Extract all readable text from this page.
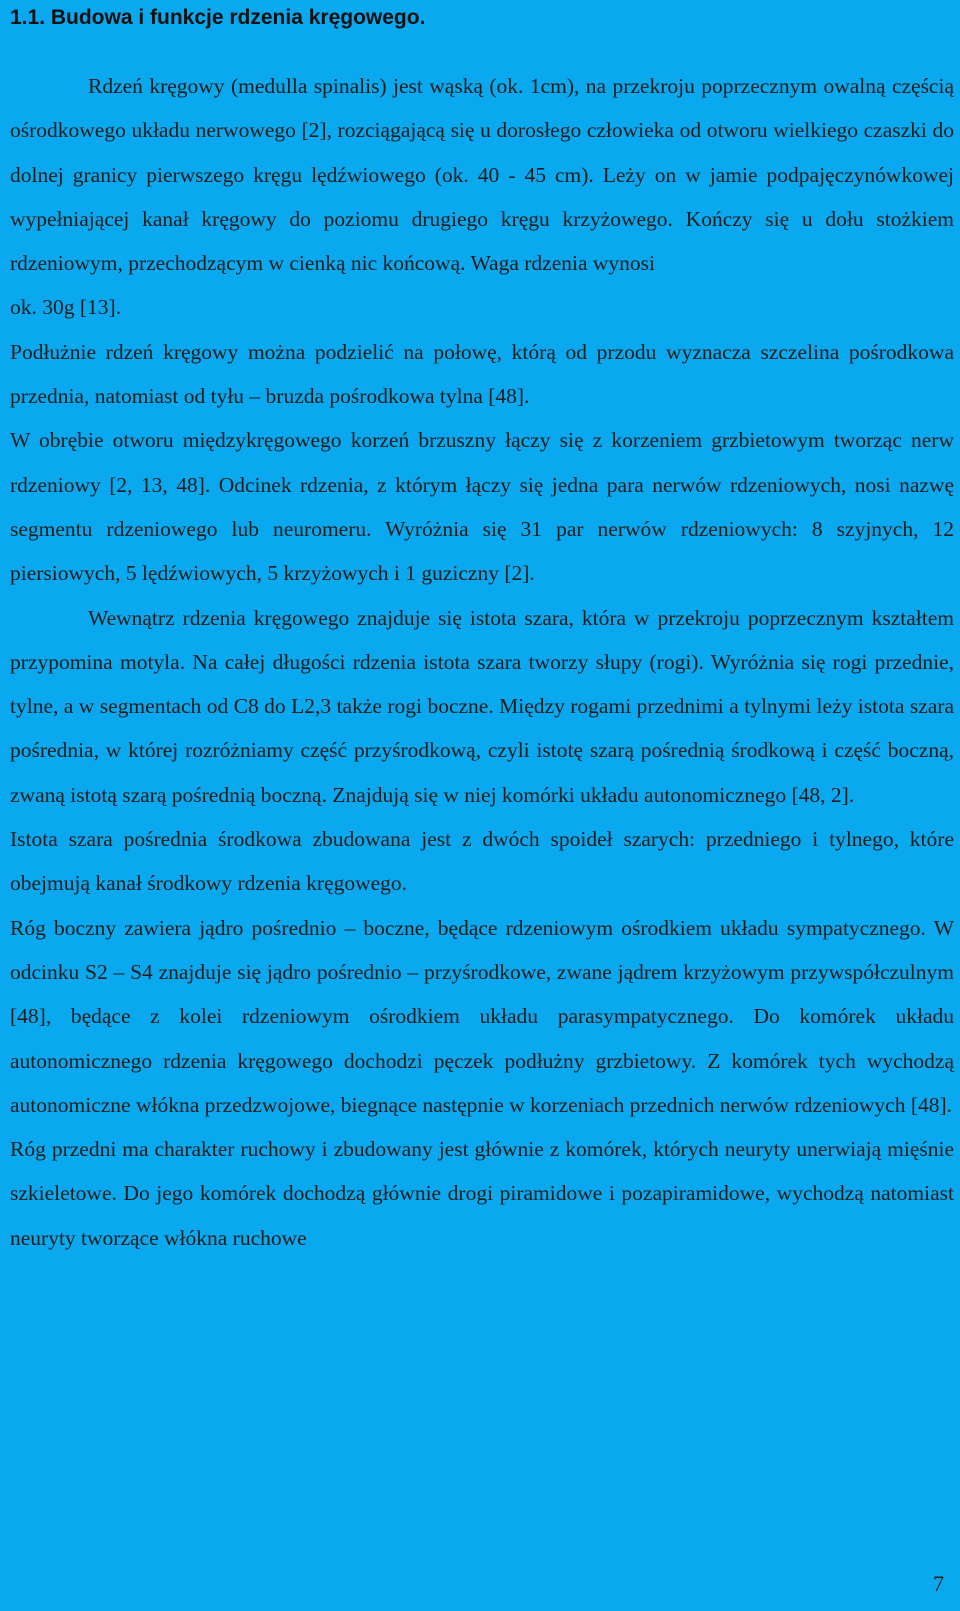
1.1. Budowa i funkcje rdzenia kręgowego.

Rdzeń kręgowy (medulla spinalis) jest wąską (ok. 1cm), na przekroju poprzecznym owalną częścią ośrodkowego układu nerwowego [2], rozciągającą się u dorosłego człowieka od otworu wielkiego czaszki do dolnej granicy pierwszego kręgu lędźwiowego (ok. 40 - 45 cm). Leży on w jamie podpajęczynówkowej wypełniającej kanał kręgowy do poziomu drugiego kręgu krzyżowego. Kończy się u dołu stożkiem rdzeniowym, przechodzącym w cienką nic końcową. Waga rdzenia wynosi

ok. 30g [13].

Podłużnie rdzeń kręgowy można podzielić na połowę, którą od przodu wyznacza szczelina pośrodkowa przednia, natomiast od tyłu – bruzda pośrodkowa tylna [48].

W obrębie otworu międzykręgowego korzeń brzuszny łączy się z korzeniem grzbietowym tworząc nerw rdzeniowy [2, 13, 48]. Odcinek rdzenia, z którym łączy się jedna para nerwów rdzeniowych, nosi nazwę segmentu rdzeniowego lub neuromeru. Wyróżnia się 31 par nerwów rdzeniowych: 8 szyjnych, 12 piersiowych, 5 lędźwiowych, 5 krzyżowych i 1 guziczny [2].

Wewnątrz rdzenia kręgowego znajduje się istota szara, która w przekroju poprzecznym kształtem przypomina motyla. Na całej długości rdzenia istota szara tworzy słupy (rogi). Wyróżnia się rogi przednie, tylne, a w segmentach od C8 do L2,3 także rogi boczne. Między rogami przednimi a tylnymi leży istota szara pośrednia, w której rozróżniamy część przyśrodkową, czyli istotę szarą pośrednią środkową i część boczną, zwaną istotą szarą pośrednią boczną. Znajdują się w niej komórki układu autonomicznego [48, 2].

Istota szara pośrednia środkowa zbudowana jest z dwóch spoideł szarych: przedniego i tylnego, które obejmują kanał środkowy rdzenia kręgowego.

Róg boczny zawiera jądro pośrednio – boczne, będące rdzeniowym ośrodkiem układu sympatycznego. W odcinku S2 – S4 znajduje się jądro pośrednio – przyśrodkowe, zwane jądrem krzyżowym przywspółczulnym [48], będące z kolei rdzeniowym ośrodkiem układu parasympatycznego. Do komórek układu autonomicznego rdzenia kręgowego dochodzi pęczek podłużny grzbietowy. Z komórek tych wychodzą autonomiczne włókna przedzwojowe, biegnące następnie w korzeniach przednich nerwów rdzeniowych [48].

Róg przedni ma charakter ruchowy i zbudowany jest głównie z komórek, których neuryty unerwiają mięśnie szkieletowe. Do jego komórek dochodzą głównie drogi piramidowe i pozapiramidowe, wychodzą natomiast neuryty tworzące włókna ruchowe

7
